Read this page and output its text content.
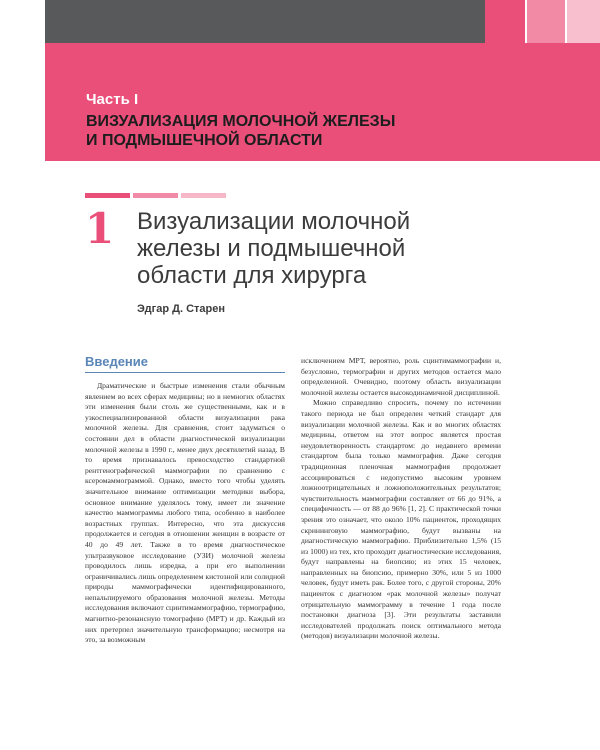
Часть I
ВИЗУАЛИЗАЦИЯ МОЛОЧНОЙ ЖЕЛЕЗЫ
И ПОДМЫШЕЧНОЙ ОБЛАСТИ
1 Визуализации молочной
железы и подмышечной
области для хирурга
Эдгар Д. Старен
Введение

Драматические и быстрые изменения стали обычным явлением во всех сферах медицины; но в немногих областях эти изменения были столь же существенными, как и в узкоспециализированной области визуализации рака молочной железы. Для сравнения, стоит задуматься о состоянии дел в области диагностической визуализации молочной железы в 1990 г., менее двух десятилетий назад. В то время признавалось превосходство стандартной рентгенографической маммографии по сравнению с ксеромаммограммой. Однако, вместо того чтобы уделять значительное внимание оптимизации методики выбора, основное внимание уделялось тому, имеет ли значение качество маммограммы любого типа, особенно в наиболее возрастных группах. Интересно, что эта дискуссия продолжается и сегодня в отношении женщин в возрасте от 40 до 49 лет. Также в то время диагностическое ультразвуковое исследование (УЗИ) молочной железы проводилось лишь изредка, а при его выполнении ограничивались лишь определением кистозной или солидной природы маммографически идентифицированного, непальпируемого образования молочной железы. Методы исследования включают сцинтимаммографию, термографию, магнитно-резонансную томографию (МРТ) и др. Каждый из них претерпел значительную трансформацию; несмотря на это, за возможным

исключением МРТ, вероятно, роль сцинтимаммографии и, безусловно, термографии и других методов остается мало определенной. Очевидно, поэтому область визуализации молочной железы остается высокодинамичной дисциплиной.

Можно справедливо спросить, почему по истечении такого периода не был определен четкий стандарт для визуализации молочной железы. Как и во многих областях медицины, ответом на этот вопрос является простая неудовлетворенность стандартом: до недавнего времени стандартом была только маммография. Даже сегодня традиционная пленочная маммография продолжает ассоциироваться с недопустимо высоким уровнем ложноотрицательных и ложноположительных результатов; чувствительность маммографии составляет от 66 до 91%, а специфичность — от 88 до 96% [1, 2]. С практической точки зрения это означает, что около 10% пациенток, проходящих скрининговую маммографию, будут вызваны на диагностическую маммографию. Приблизительно 1,5% (15 из 1000) из тех, кто проходит диагностические исследования, будут направлены на биопсию; из этих 15 человек, направленных на биопсию, примерно 30%, или 5 из 1000 человек, будут иметь рак. Более того, с другой стороны, 20% пациенток с диагнозом «рак молочной железы» получат отрицательную маммограмму в течение 1 года после постановки диагноза [3]. Эти результаты заставили исследователей продолжать поиск оптимального метода (методов) визуализации молочной железы.
